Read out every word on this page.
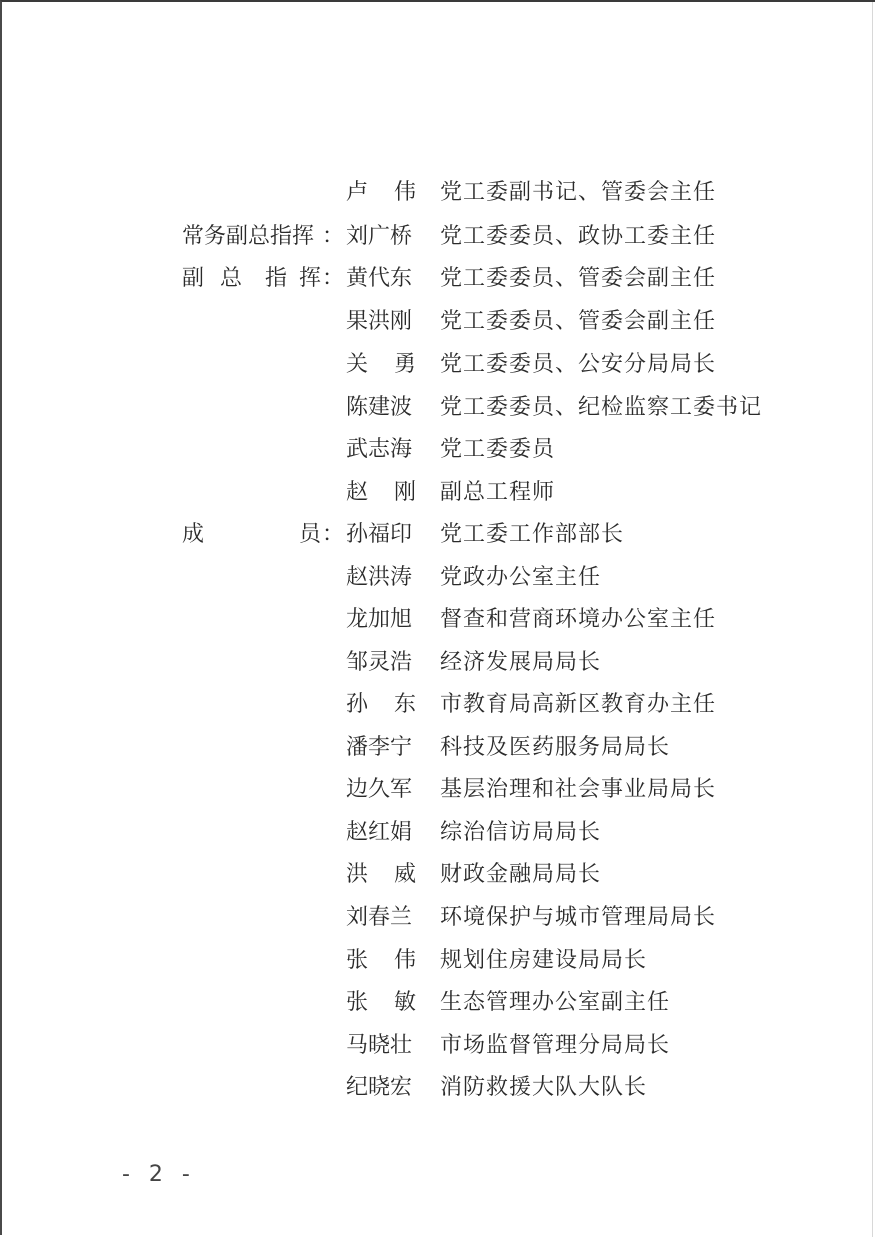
卢 伟 党工委副书记、管委会主任
常务副总指挥 ： 刘广桥 党工委委员、政协工委主任
副 总 指 挥 ： 黄代东 党工委委员、管委会副主任
果洪刚 党工委委员、管委会副主任
关 勇 党工委委员、公安分局局长
陈建波 党工委委员、纪检监察工委书记
武志海 党工委委员
赵 刚 副总工程师
成	员 ： 孙福印 党工委工作部部长
赵洪涛 党政办公室主任
龙加旭 督查和营商环境办公室主任
邹灵浩 经济发展局局长
孙 东 市教育局高新区教育办主任
潘李宁 科技及医药服务局局长
边久军 基层治理和社会事业局局长
赵红娟 综治信访局局长
洪 威 财政金融局局长
刘春兰 环境保护与城市管理局局长
张 伟 规划住房建设局局长
张 敏 生态管理办公室副主任
马晓壮 市场监督管理分局局长
纪晓宏 消防救援大队大队长
- 2 -
